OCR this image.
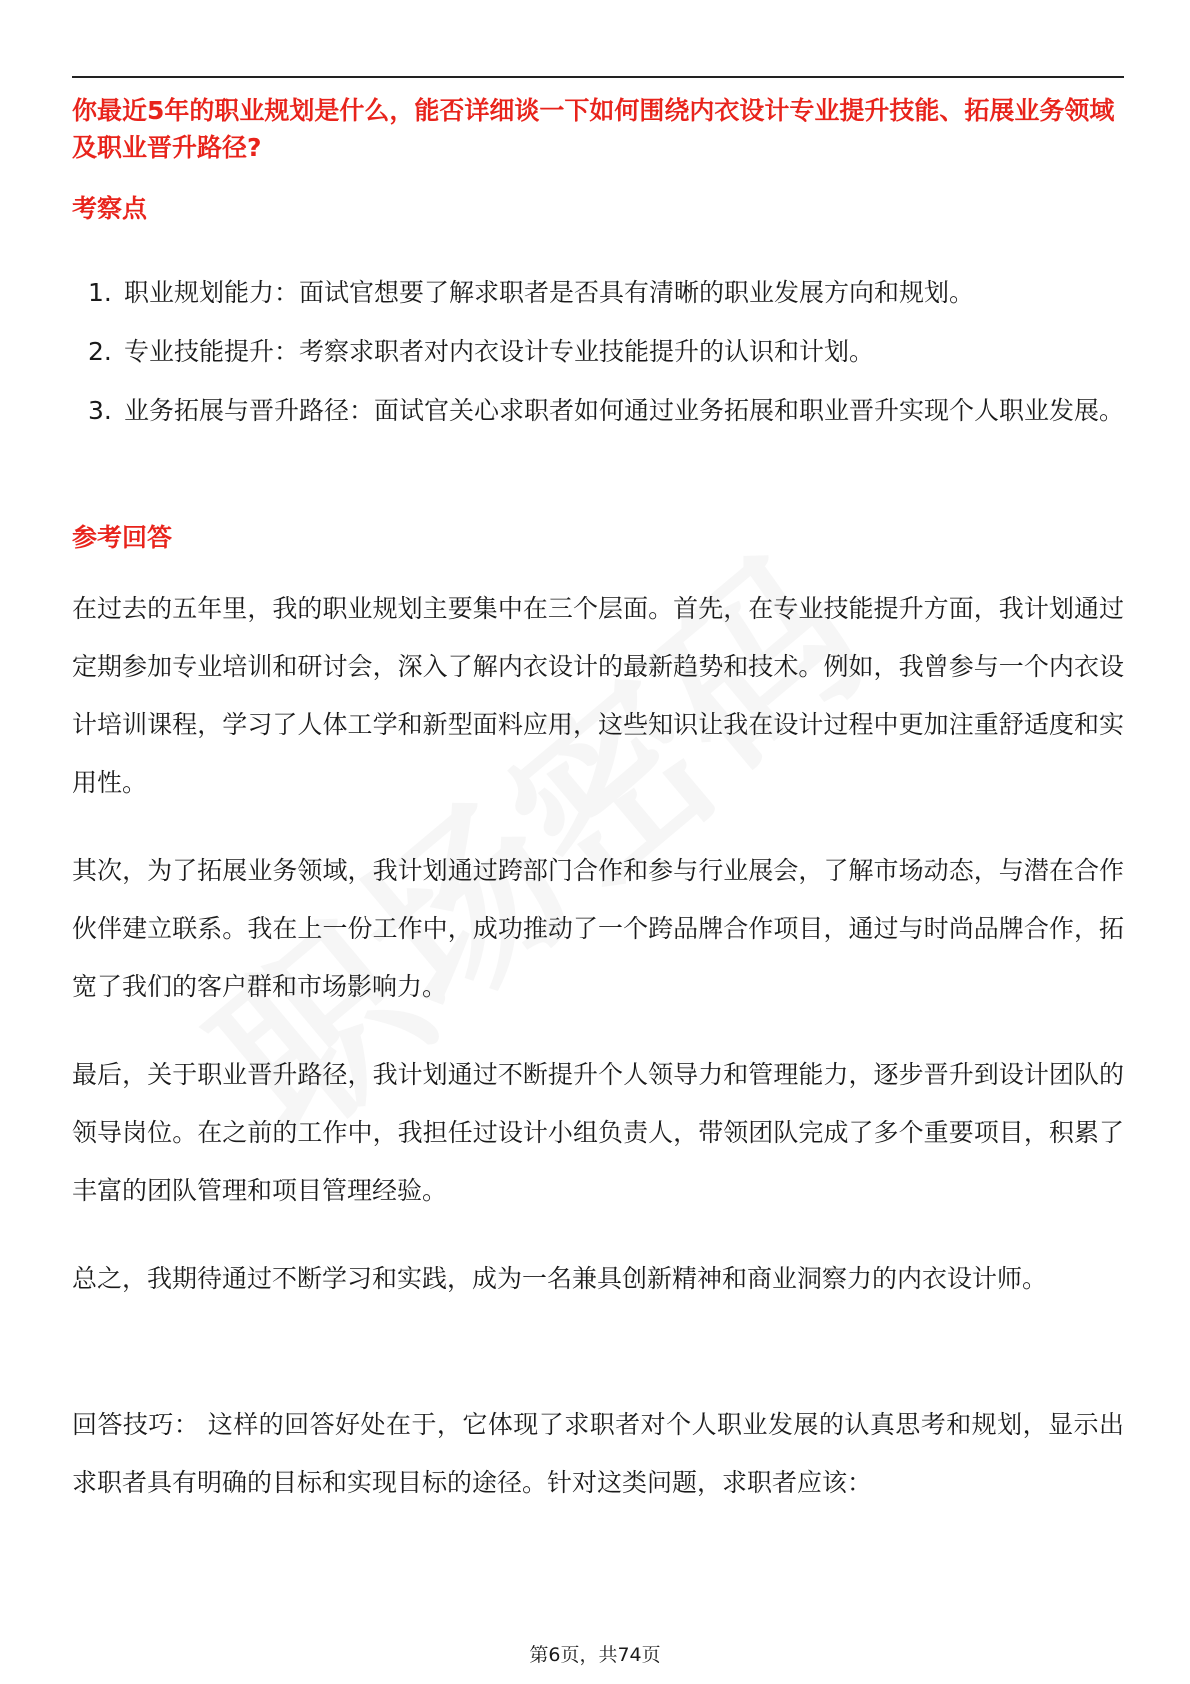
你最近5年的职业规划是什么，能否详细谈一下如何围绕内衣设计专业提升技能、拓展业务领域及职业晋升路径?
考察点
1. 职业规划能力：面试官想要了解求职者是否具有清晰的职业发展方向和规划。
2. 专业技能提升：考察求职者对内衣设计专业技能提升的认识和计划。
3. 业务拓展与晋升路径：面试官关心求职者如何通过业务拓展和职业晋升实现个人职业发展。
参考回答

在过去的五年里，我的职业规划主要集中在三个层面。首先，在专业技能提升方面，我计划通过定期参加专业培训和研讨会，深入了解内衣设计的最新趋势和技术。例如，我曾参与一个内衣设计培训课程，学习了人体工学和新型面料应用，这些知识让我在设计过程中更加注重舒适度和实用性。

其次，为了拓展业务领域，我计划通过跨部门合作和参与行业展会，了解市场动态，与潜在合作伙伴建立联系。我在上一份工作中，成功推动了一个跨品牌合作项目，通过与时尚品牌合作，拓宽了我们的客户群和市场影响力。

最后，关于职业晋升路径，我计划通过不断提升个人领导力和管理能力，逐步晋升到设计团队的领导岗位。在之前的工作中，我担任过设计小组负责人，带领团队完成了多个重要项目，积累了丰富的团队管理和项目管理经验。

总之，我期待通过不断学习和实践，成为一名兼具创新精神和商业洞察力的内衣设计师。

回答技巧： 这样的回答好处在于，它体现了求职者对个人职业发展的认真思考和规划，显示出求职者具有明确的目标和实现目标的途径。针对这类问题，求职者应该：

第6页，共74页
